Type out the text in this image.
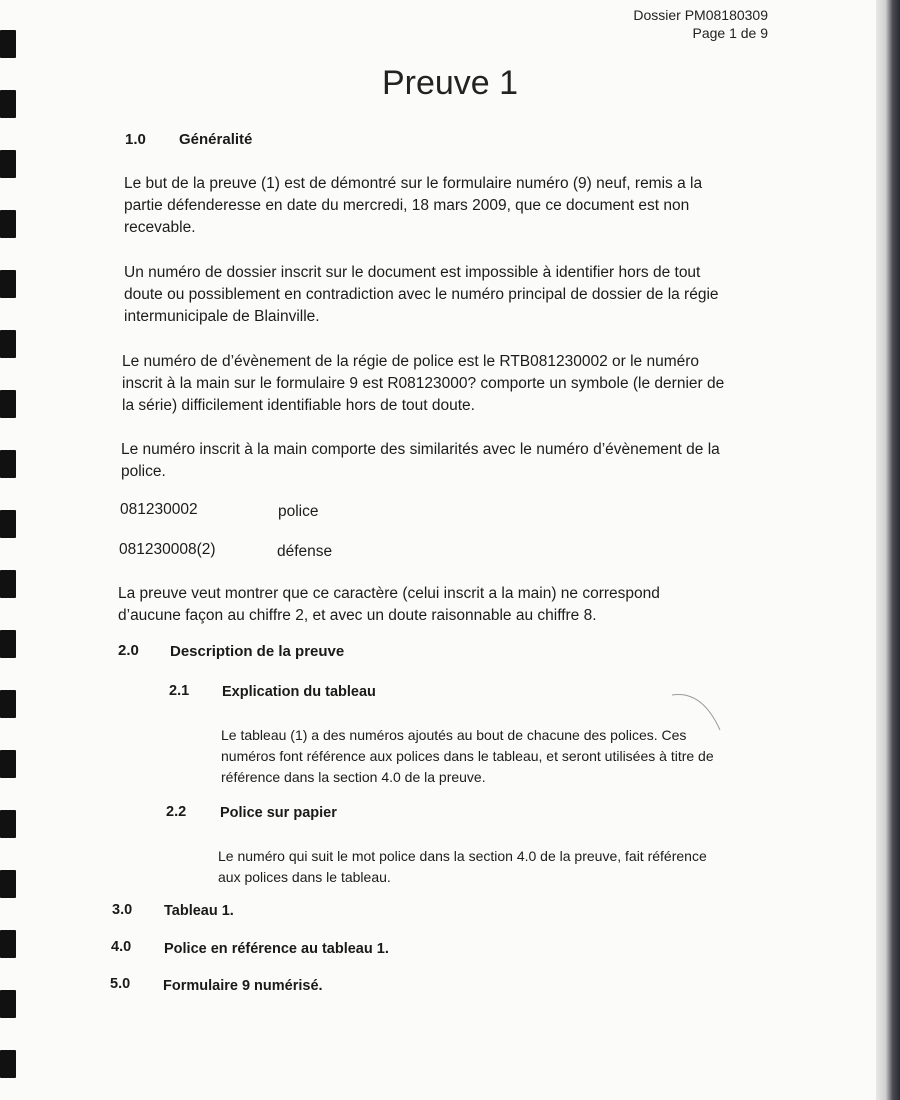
Dossier PM08180309
Page 1 de 9
Preuve 1
1.0 Généralité
Le but de la preuve (1) est de démontré sur le formulaire numéro (9) neuf, remis a la
partie défenderesse en date du mercredi, 18 mars 2009, que ce document est non
recevable.
Un numéro de dossier inscrit sur le document est impossible à identifier hors de tout
doute ou possiblement en contradiction avec le numéro principal de dossier de la régie
intermunicipale de Blainville.
Le numéro de d’évènement de la régie de police est le RTB081230002 or le numéro
inscrit à la main sur le formulaire 9 est R08123000? comporte un symbole (le dernier de
la série) difficilement identifiable hors de tout doute.
Le numéro inscrit à la main comporte des similarités avec le numéro d’évènement de la
police.
081230002	police
081230008(2)	défense
La preuve veut montrer que ce caractère (celui inscrit a la main) ne correspond
d’aucune façon au chiffre 2, et avec un doute raisonnable au chiffre 8.
2.0 Description de la preuve
2.1 Explication du tableau
Le tableau (1) a des numéros ajoutés au bout de chacune des polices. Ces
numéros font référence aux polices dans le tableau, et seront utilisées à titre de
référence dans la section 4.0 de la preuve.
2.2 Police sur papier
Le numéro qui suit le mot police dans la section 4.0 de la preuve, fait référence
aux polices dans le tableau.
3.0 Tableau 1.
4.0 Police en référence au tableau 1.
5.0 Formulaire 9 numérisé.
